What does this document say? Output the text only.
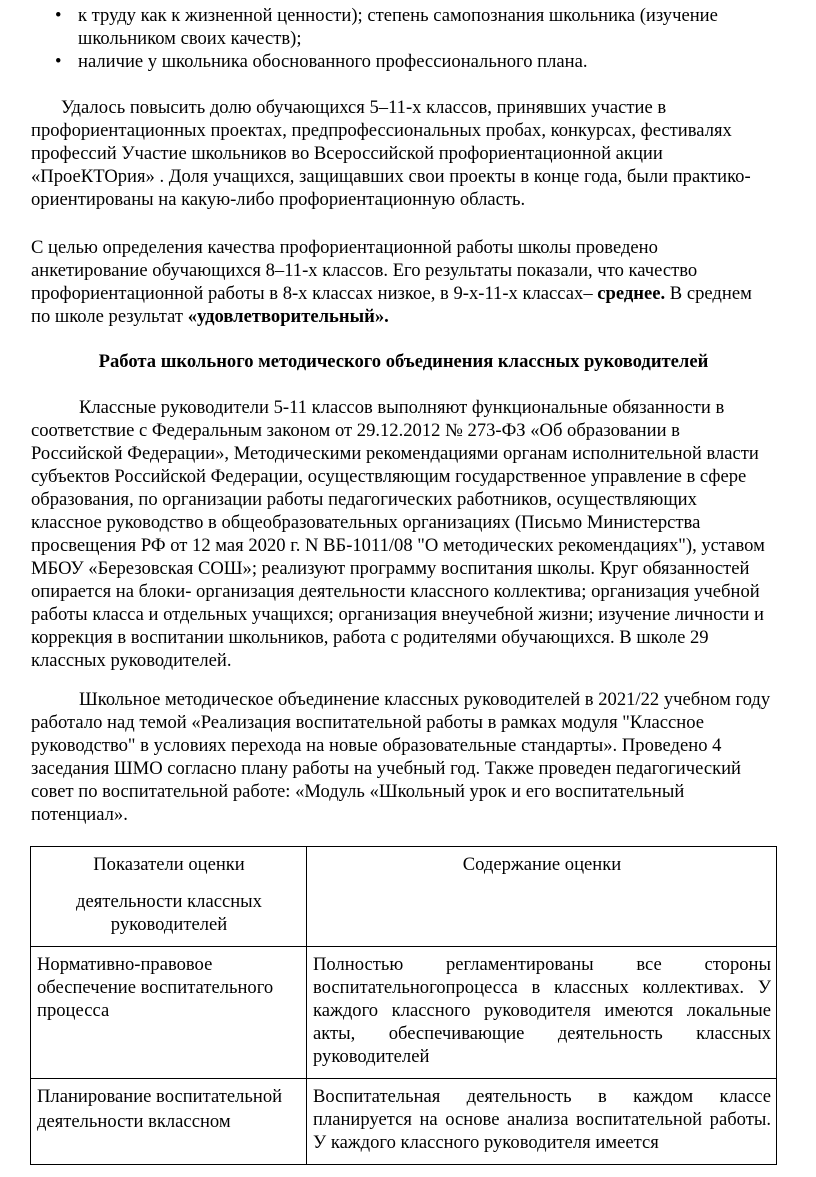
• к труду как к жизненной ценности); степень самопознания школьника (изучение школьником своих качеств);
• наличие у школьника обоснованного профессионального плана.
Удалось повысить долю обучающихся 5–11-х классов, принявших участие в профориентационных проектах, предпрофессиональных пробах, конкурсах, фестивалях профессий Участие школьников во Всероссийской профориентационной акции «ПроеКТОрия» . Доля учащихся, защищавших свои проекты в конце года, были практико-ориентированы на какую-либо профориентационную область.
С целью определения качества профориентационной работы школы проведено анкетирование обучающихся 8–11-х классов. Его результаты показали, что качество профориентационной работы в 8-х классах низкое, в 9-х-11-х классах– среднее. В среднем по школе результат «удовлетворительный».
Работа школьного методического объединения классных руководителей
Классные руководители 5-11 классов выполняют функциональные обязанности в соответствие с Федеральным законом от 29.12.2012 № 273-ФЗ «Об образовании в Российской Федерации», Методическими рекомендациями органам исполнительной власти субъектов Российской Федерации, осуществляющим государственное управление в сфере образования, по организации работы педагогических работников, осуществляющих классное руководство в общеобразовательных организациях (Письмо Министерства просвещения РФ от 12 мая 2020 г. N ВБ-1011/08 "О методических рекомендациях"), уставом МБОУ «Березовская СОШ»; реализуют программу воспитания школы. Круг обязанностей опирается на блоки- организация деятельности классного коллектива; организация учебной работы класса и отдельных учащихся; организация внеучебной жизни; изучение личности и коррекция в воспитании школьников, работа с родителями обучающихся. В школе 29 классных руководителей.
Школьное методическое объединение классных руководителей в 2021/22 учебном году работало над темой «Реализация воспитательной работы в рамках модуля "Классное руководство" в условиях перехода на новые образовательные стандарты». Проведено 4 заседания ШМО согласно плану работы на учебный год. Также проведен педагогический совет по воспитательной работе: «Модуль «Школьный урок и его воспитательный потенциал».
Показатели оценки
деятельности классных руководителей	Содержание оценки

Нормативно-правовое обеспечение воспитательного процесса	Полностью регламентированы все стороны воспитательногопроцесса в классных коллективах. У каждого классного руководителя имеются локальные акты, обеспечивающие деятельность классных руководителей

Планирование воспитательной
деятельности вклассном	Воспитательная деятельность в каждом классе планируется на основе анализа воспитательной работы. У каждого классного руководителя имеется
